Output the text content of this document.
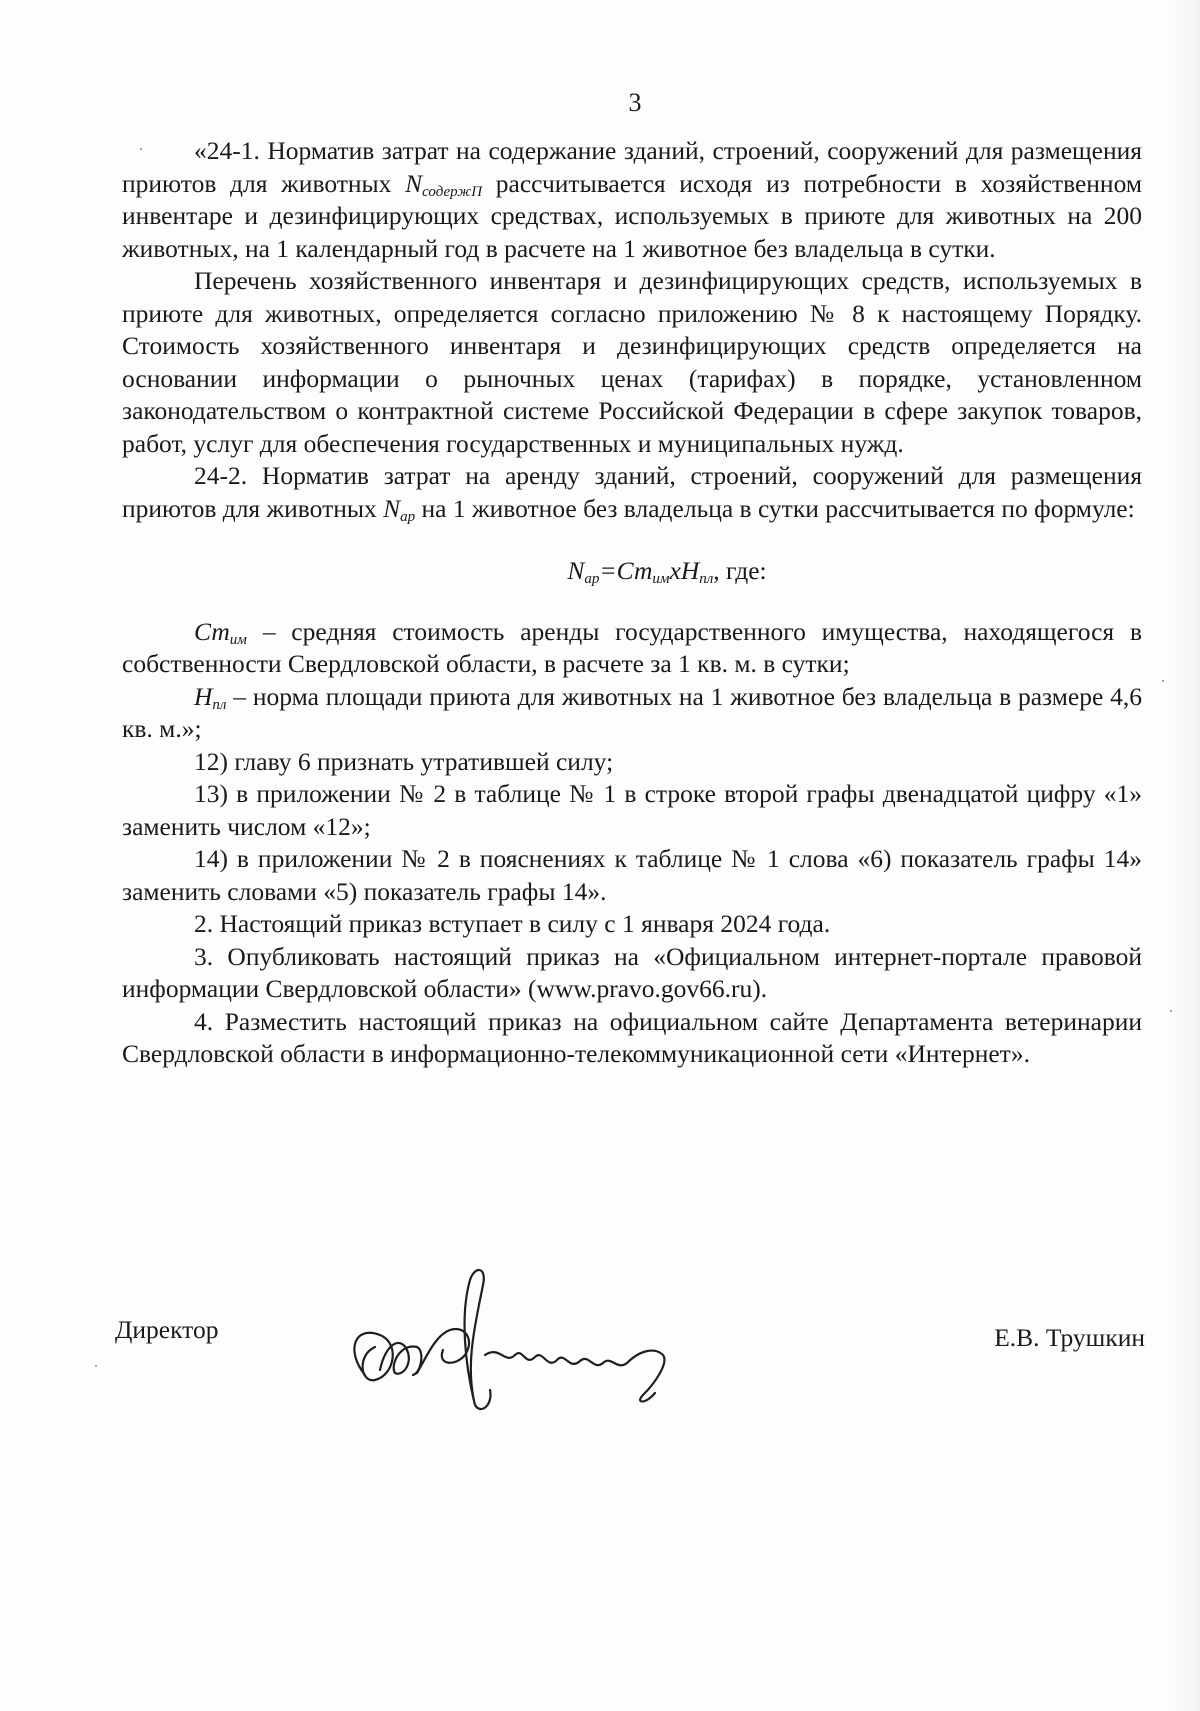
3

«24-1. Норматив затрат на содержание зданий, строений, сооружений для размещения приютов для животных $N_{содержП}$ рассчитывается исходя из потребности в хозяйственном инвентаре и дезинфицирующих средствах, используемых в приюте для животных на 200 животных, на 1 календарный год в расчете на 1 животное без владельца в сутки.

Перечень хозяйственного инвентаря и дезинфицирующих средств, используемых в приюте для животных, определяется согласно приложению № 8 к настоящему Порядку. Стоимость хозяйственного инвентаря и дезинфицирующих средств определяется на основании информации о рыночных ценах (тарифах) в порядке, установленном законодательством о контрактной системе Российской Федерации в сфере закупок товаров, работ, услуг для обеспечения государственных и муниципальных нужд.

24-2. Норматив затрат на аренду зданий, строений, сооружений для размещения приютов для животных $N_{ар}$ на 1 животное без владельца в сутки рассчитывается по формуле:

$N_{ар}=Ст_{им}xН_{пл}$, где:

$Ст_{им}$ – средняя стоимость аренды государственного имущества, находящегося в собственности Свердловской области, в расчете за 1 кв. м. в сутки;

$Н_{пл}$ – норма площади приюта для животных на 1 животное без владельца в размере 4,6 кв. м.»;

12) главу 6 признать утратившей силу;

13) в приложении № 2 в таблице № 1 в строке второй графы двенадцатой цифру «1» заменить числом «12»;

14) в приложении № 2 в пояснениях к таблице № 1 слова «6) показатель графы 14» заменить словами «5) показатель графы 14».

2. Настоящий приказ вступает в силу с 1 января 2024 года.

3. Опубликовать настоящий приказ на «Официальном интернет-портале правовой информации Свердловской области» (www.pravo.gov66.ru).

4. Разместить настоящий приказ на официальном сайте Департамента ветеринарии Свердловской области в информационно-телекоммуникационной сети «Интернет».

Директор	Е.В. Трушкин
